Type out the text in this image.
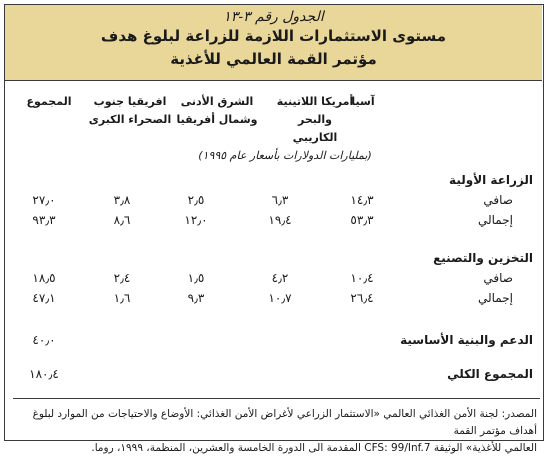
الجدول رقم ٣-١٣
مستوى الاستثمارات اللازمة للزراعة لبلوغ هدف
مؤتمر القمة العالمي للأغذية
آسيا
أمريكا اللاتينية
والبحر الكاريبي
الشرق الأدنى
وشمال أفريقيا
افريقيا جنوب
الصحراء الكبرى
المجموع
(بمليارات الدولارات بأسعار عام ١٩٩٥)
الزراعة الأولية
صافي
١٤٫٣
٦٫٣
٢٫٥
٣٫٨
٢٧٫٠
إجمالي
٥٣٫٣
١٩٫٤
١٢٫٠
٨٫٦
٩٣٫٣
التخزين والتصنيع
صافي
١٠٫٤
٤٫٢
١٫٥
٢٫٤
١٨٫٥
إجمالي
٢٦٫٤
١٠٫٧
٩٫٣
١٫٦
٤٧٫١
الدعم والبنية الأساسية
٤٠٫٠
المجموع الكلي
١٨٠٫٤
المصدر: لجنة الأمن الغذائي العالمي «الاستثمار الزراعي لأغراض الأمن الغذائي: الأوضاع والاحتياجات من الموارد لبلوغ أهداف مؤتمر القمة
العالمي للأغذية» الوثيقة CFS: 99/Inf.7 المقدمة الى الدورة الخامسة والعشرين، المنظمة، ١٩٩٩، روما.
